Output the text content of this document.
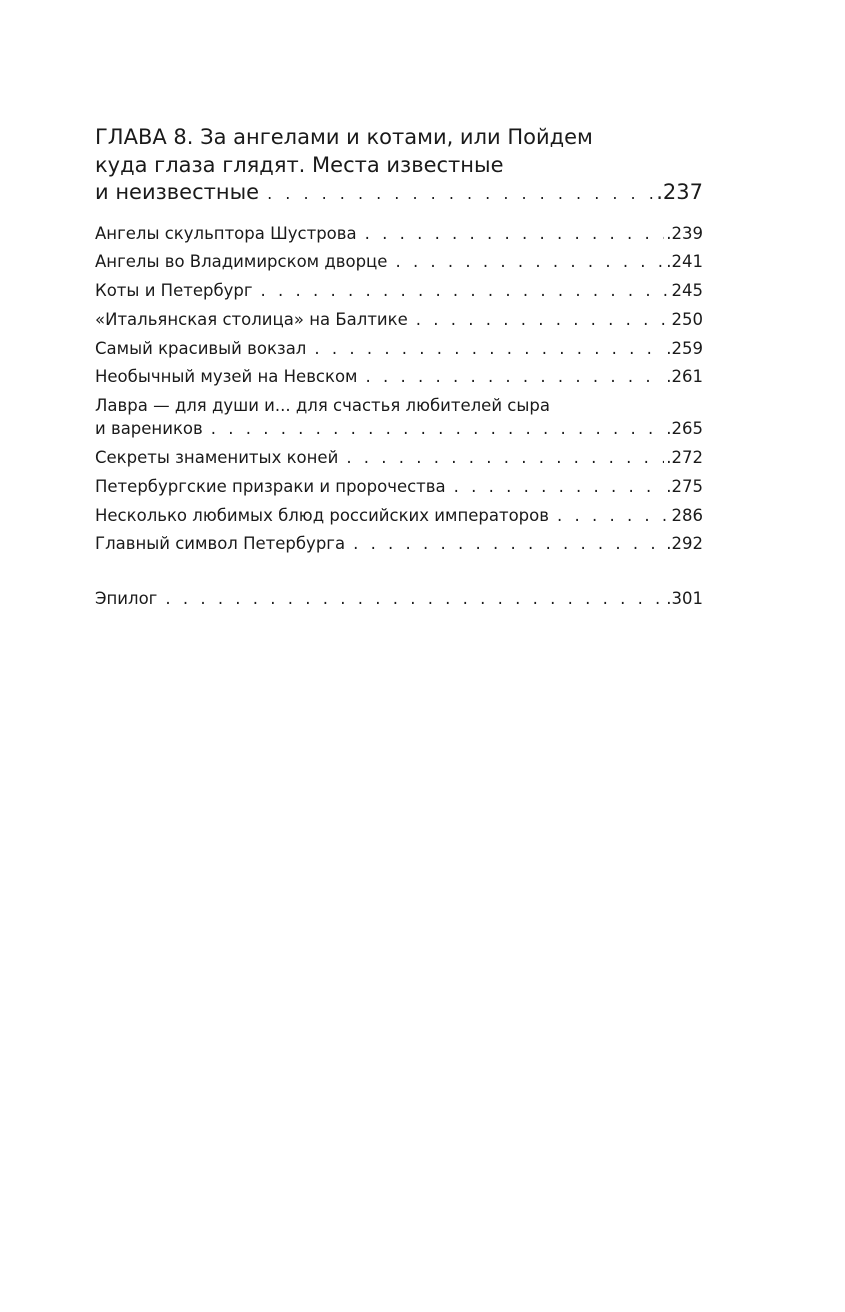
ГЛАВА 8. За ангелами и котами, или Пойдем
куда глаза глядят. Места известные
и неизвестные . . .	.237
Ангелы скульптора Шустрова . . .	.239
Ангелы во Владимирском дворце . . .	.241
Коты и Петербург . . .	245
«Итальянская столица» на Балтике . . .	250
Самый красивый вокзал . . .	.259
Необычный музей на Невском . . .	.261
Лавра — для души и... для счастья любителей сыра
и вареников . . .	.265
Секреты знаменитых коней . . .	.272
Петербургские призраки и пророчества . . .	.275
Несколько любимых блюд российских императоров . . .	286
Главный символ Петербурга . . .	.292
Эпилог . . .	.301
